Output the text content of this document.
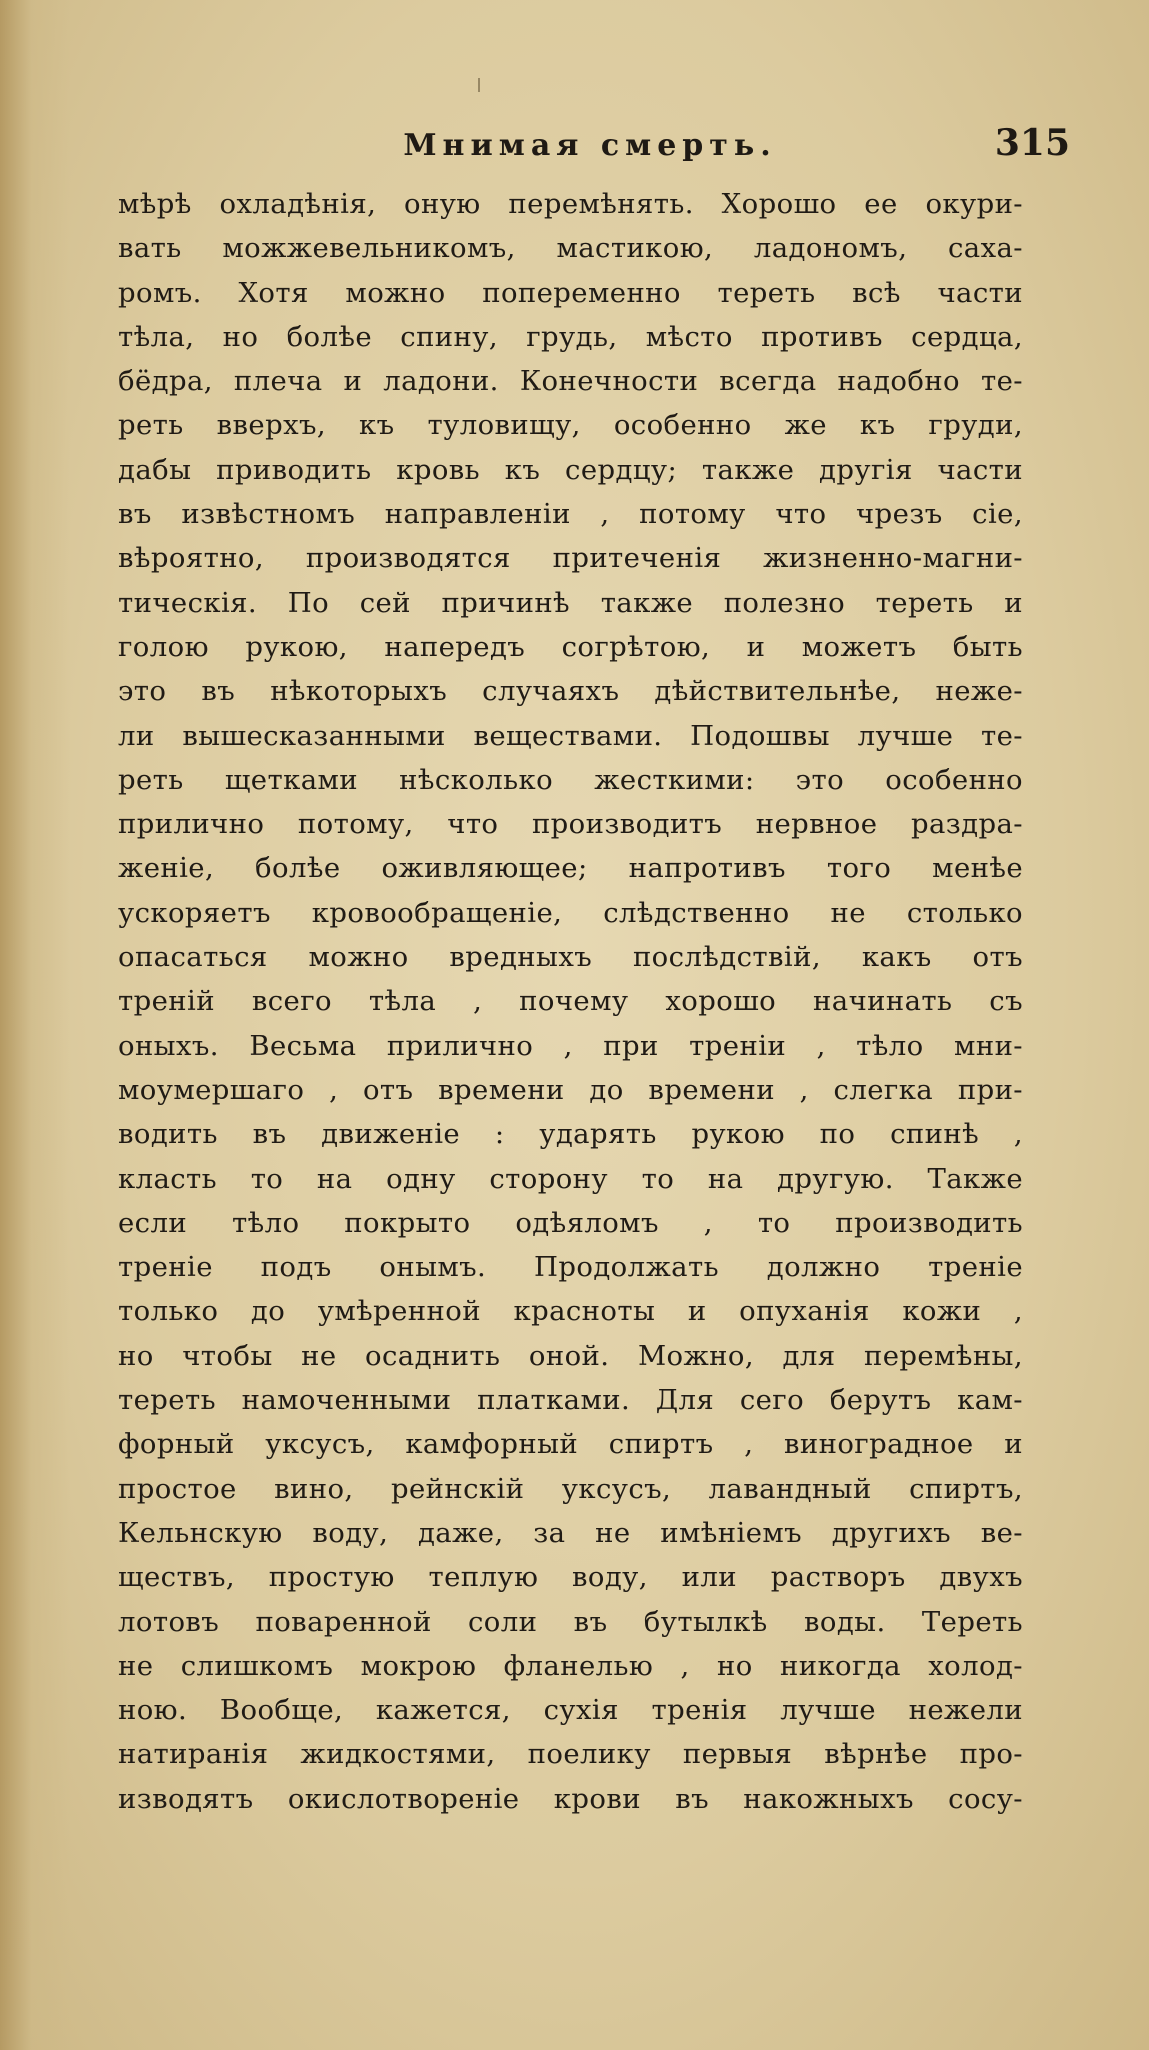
Мнимая смерть.	315
мѣрѣ охладѣнія, оную перемѣнять. Хорошо ее окури-
вать можжевельникомъ, мастикою, ладономъ, саха-
ромъ. Хотя можно попеременно тереть всѣ части
тѣла, но болѣе спину, грудь, мѣсто противъ сердца,
бёдра, плеча и ладони. Конечности всегда надобно те-
реть вверхъ, къ туловищу, особенно же къ груди,
дабы приводить кровь къ сердцу; также другія части
въ извѣстномъ направленіи , потому что чрезъ сіе,
вѣроятно, производятся притеченія жизненно-магни-
тическія. По сей причинѣ также полезно тереть и
голою рукою, напередъ согрѣтою, и можетъ быть
это въ нѣкоторыхъ случаяхъ дѣйствительнѣе, неже-
ли вышесказанными веществами. Подошвы лучше те-
реть щетками нѣсколько жесткими: это особенно
прилично потому, что производитъ нервное раздра-
женіе, болѣе оживляющее; напротивъ того менѣе
ускоряетъ кровообращеніе, слѣдственно не столько
опасаться можно вредныхъ послѣдствій, какъ отъ
треній всего тѣла , почему хорошо начинать съ
оныхъ. Весьма прилично , при треніи , тѣло мни-
моумершаго , отъ времени до времени , слегка при-
водить въ движеніе : ударять рукою по спинѣ ,
класть то на одну сторону то на другую. Также
если тѣло покрыто одѣяломъ , то производить
треніе подъ онымъ. Продолжать должно треніе
только до умѣренной красноты и опуханія кожи ,
но чтобы не осаднить оной. Можно, для перемѣны,
тереть намоченными платками. Для сего берутъ кам-
форный уксусъ, камфорный спиртъ , виноградное и
простое вино, рейнскій уксусъ, лавандный спиртъ,
Кельнскую воду, даже, за не имѣніемъ другихъ ве-
ществъ, простую теплую воду, или растворъ двухъ
лотовъ поваренной соли въ бутылкѣ воды. Тереть
не слишкомъ мокрою фланелью , но никогда холод-
ною. Вообще, кажется, сухія тренія лучше нежели
натиранія жидкостями, поелику первыя вѣрнѣе про-
изводятъ окислотвореніе крови въ накожныхъ сосу-
